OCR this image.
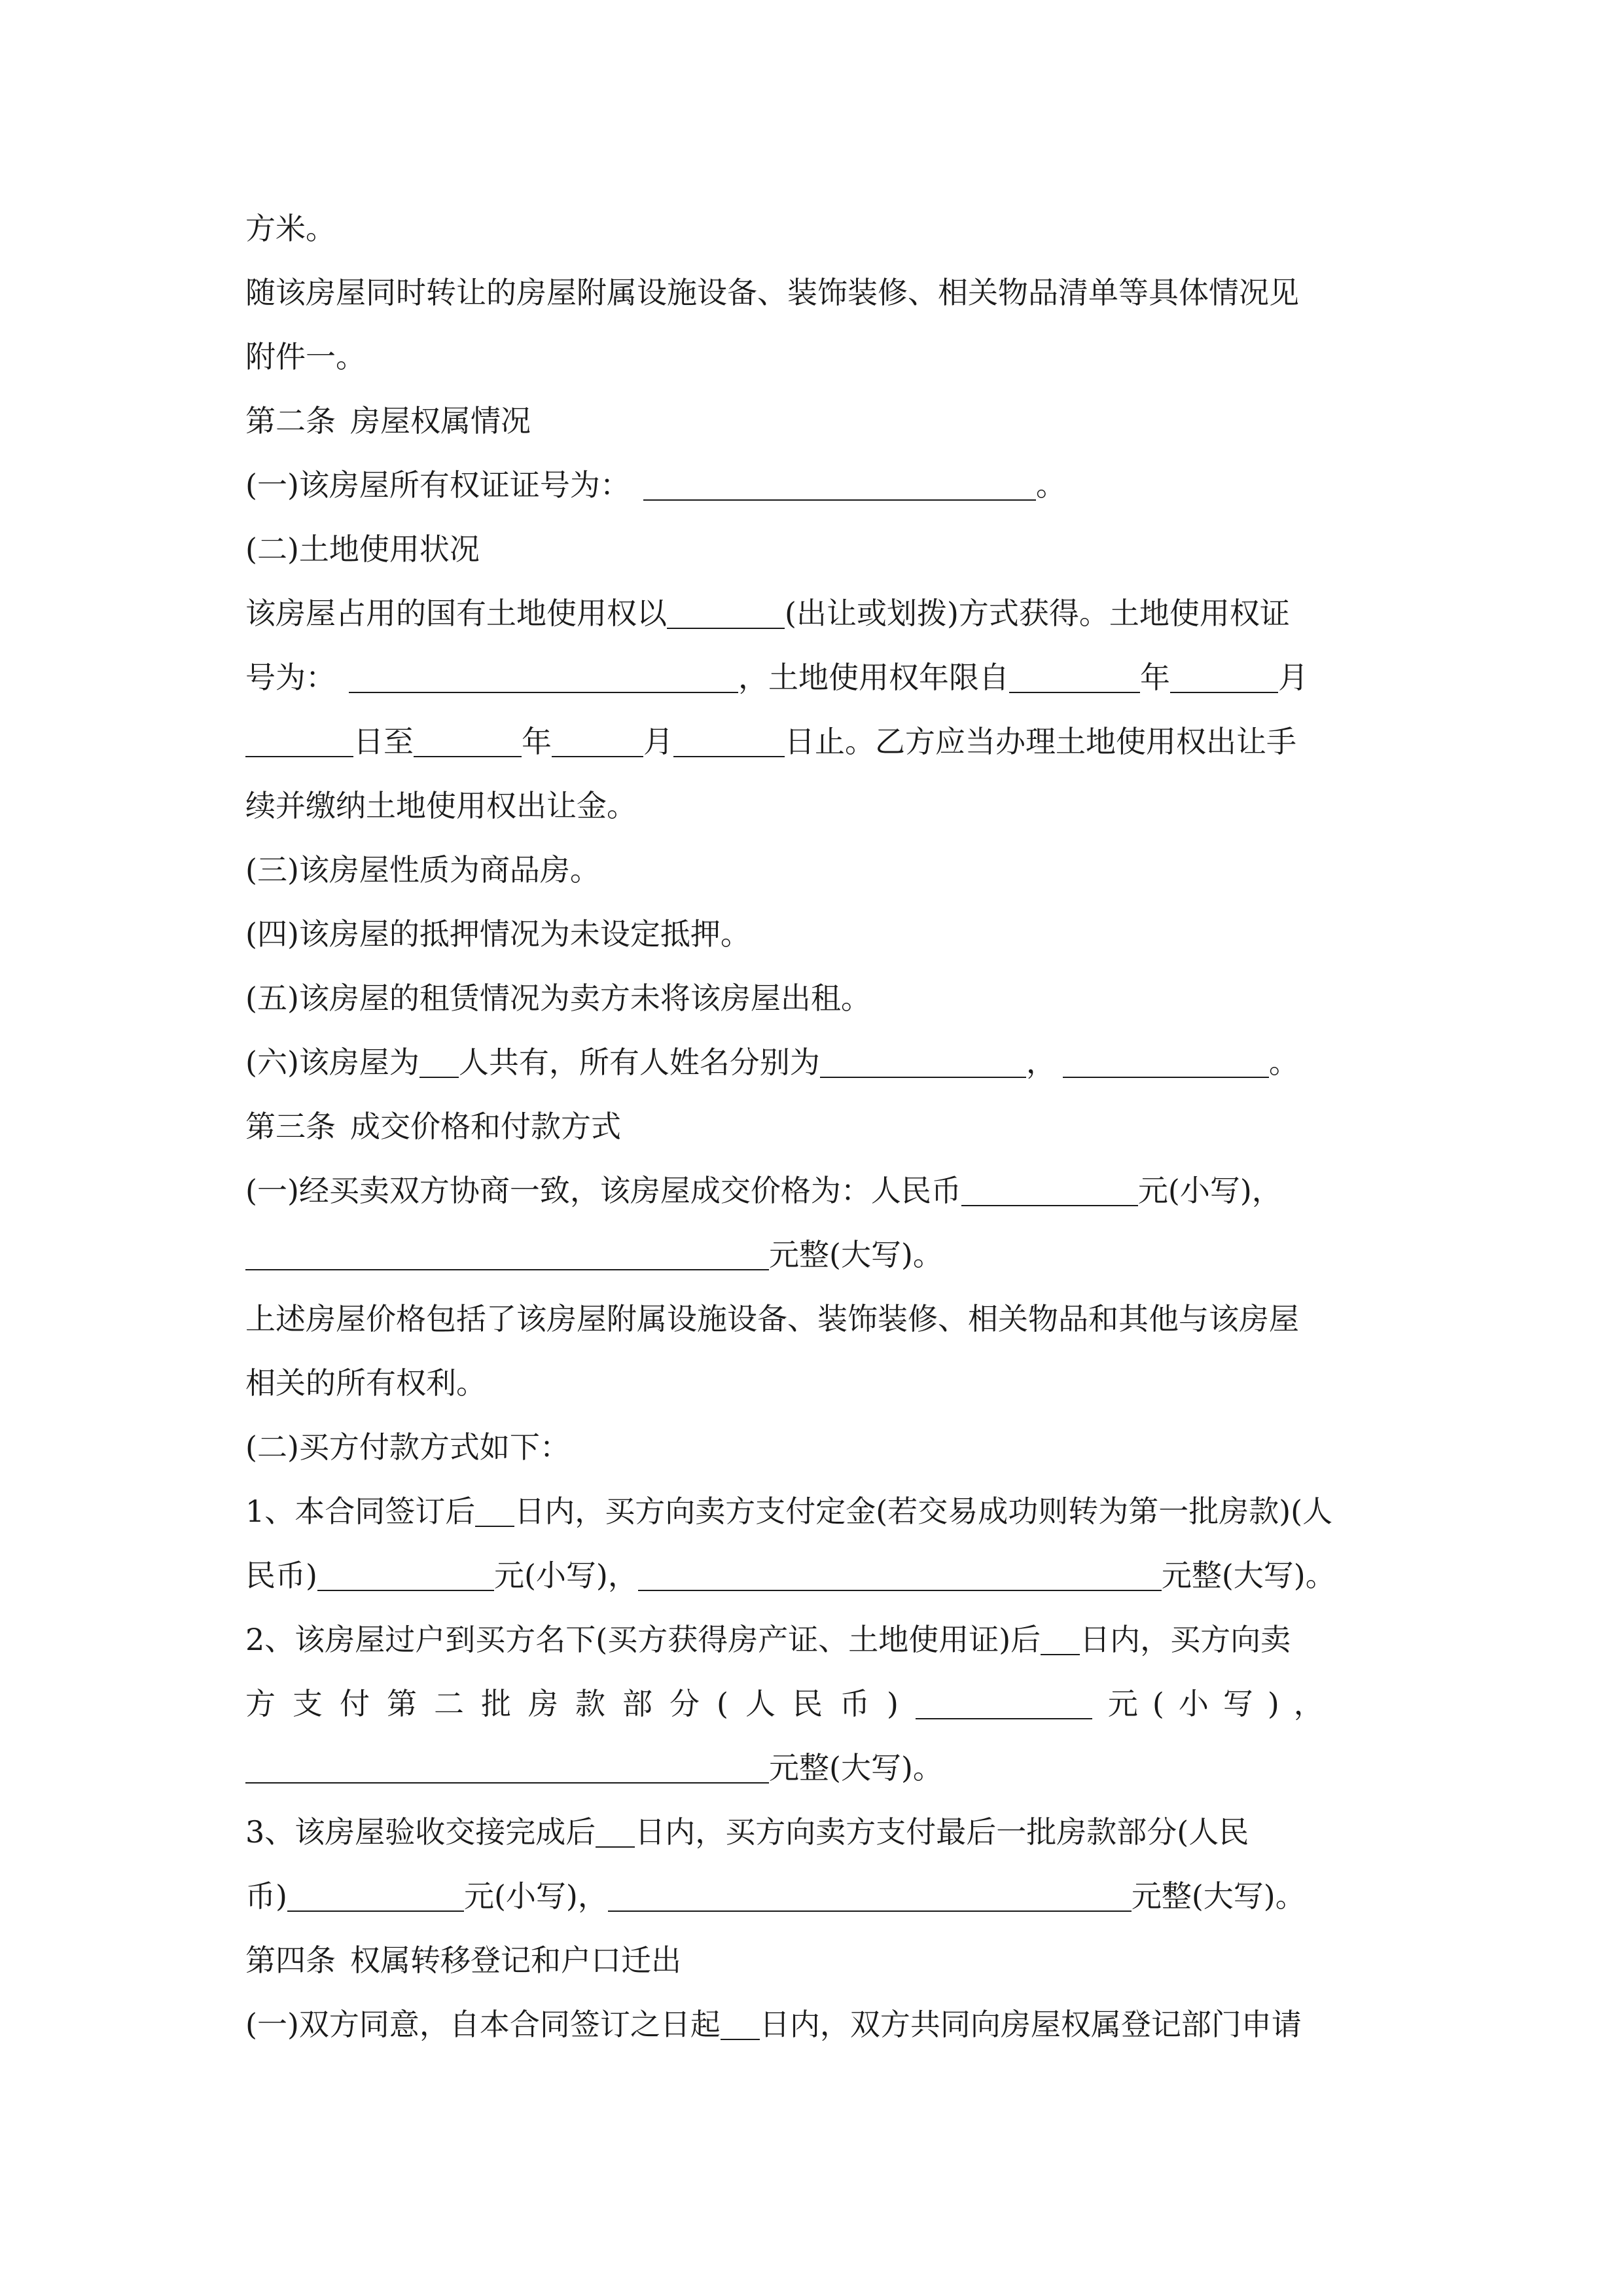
方米。
随该房屋同时转让的房屋附属设施设备、装饰装修、相关物品清单等具体情况见
附件一。
第二条 房屋权属情况
(一)该房屋所有权证证号为：	。
(二)土地使用状况
该房屋占用的国有土地使用权以	(出让或划拨)方式获得。土地使用权证
号为：	，土地使用权年限自	年	月
日至	年	月	日止。乙方应当办理土地使用权出让手
续并缴纳土地使用权出让金。
(三)该房屋性质为商品房。
(四)该房屋的抵押情况为未设定抵押。
(五)该房屋的租赁情况为卖方未将该房屋出租。
(六)该房屋为 人共有，所有人姓名分别为	，	。
第三条 成交价格和付款方式
(一)经买卖双方协商一致，该房屋成交价格为：人民币	元(小写)，
元整(大写)。
上述房屋价格包括了该房屋附属设施设备、装饰装修、相关物品和其他与该房屋
相关的所有权利。
(二)买方付款方式如下：
1、本合同签订后 日内，买方向卖方支付定金(若交易成功则转为第一批房款)(人
民币)	元(小写)，	元整(大写)。
2、该房屋过户到买方名下(买方获得房产证、土地使用证)后 日内，买方向卖
方支付第二批房款部分(人民币)	元(小写)，
元整(大写)。
3、该房屋验收交接完成后 日内，买方向卖方支付最后一批房款部分(人民
币)	元(小写)，	元整(大写)。
第四条 权属转移登记和户口迁出
(一)双方同意，自本合同签订之日起 日内，双方共同向房屋权属登记部门申请
